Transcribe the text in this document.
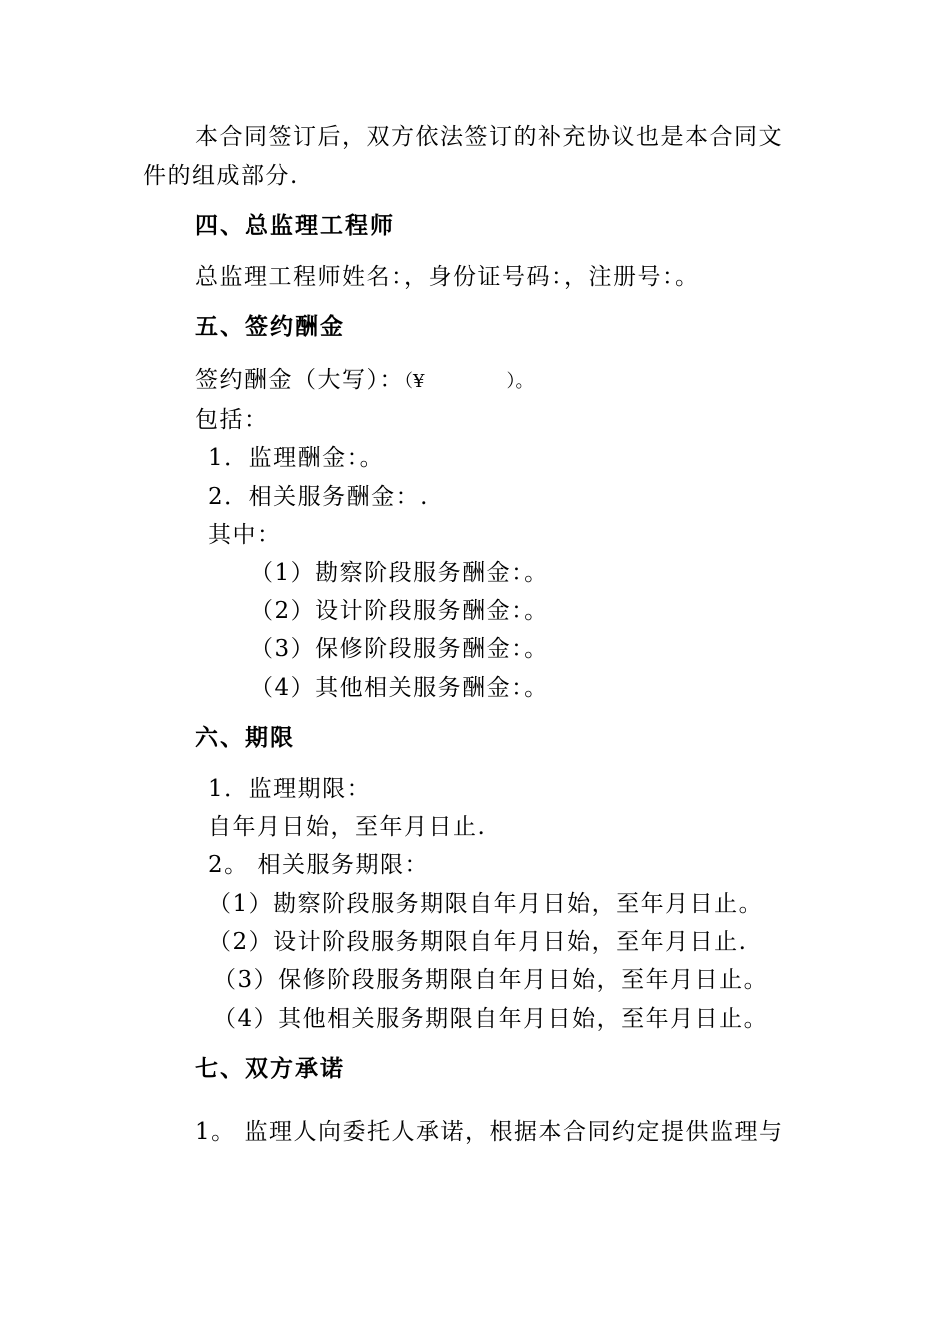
本合同签订后，双方依法签订的补充协议也是本合同文
件的组成部分.
四、总监理工程师
总监理工程师姓名：，身份证号码：，注册号：。
五、签约酬金
签约酬金（大写）：（¥	）。
包括：
1．监理酬金：。
2．相关服务酬金：.
其中：
（1）勘察阶段服务酬金：。
（2）设计阶段服务酬金：。
（3）保修阶段服务酬金：。
（4）其他相关服务酬金：。
六、期限
1．监理期限：
自年月日始，至年月日止.
2。 相关服务期限：
（1）勘察阶段服务期限自年月日始，至年月日止。
（2）设计阶段服务期限自年月日始，至年月日止.
（3）保修阶段服务期限自年月日始，至年月日止。
（4）其他相关服务期限自年月日始，至年月日止。
七、双方承诺
1。 监理人向委托人承诺，根据本合同约定提供监理与
